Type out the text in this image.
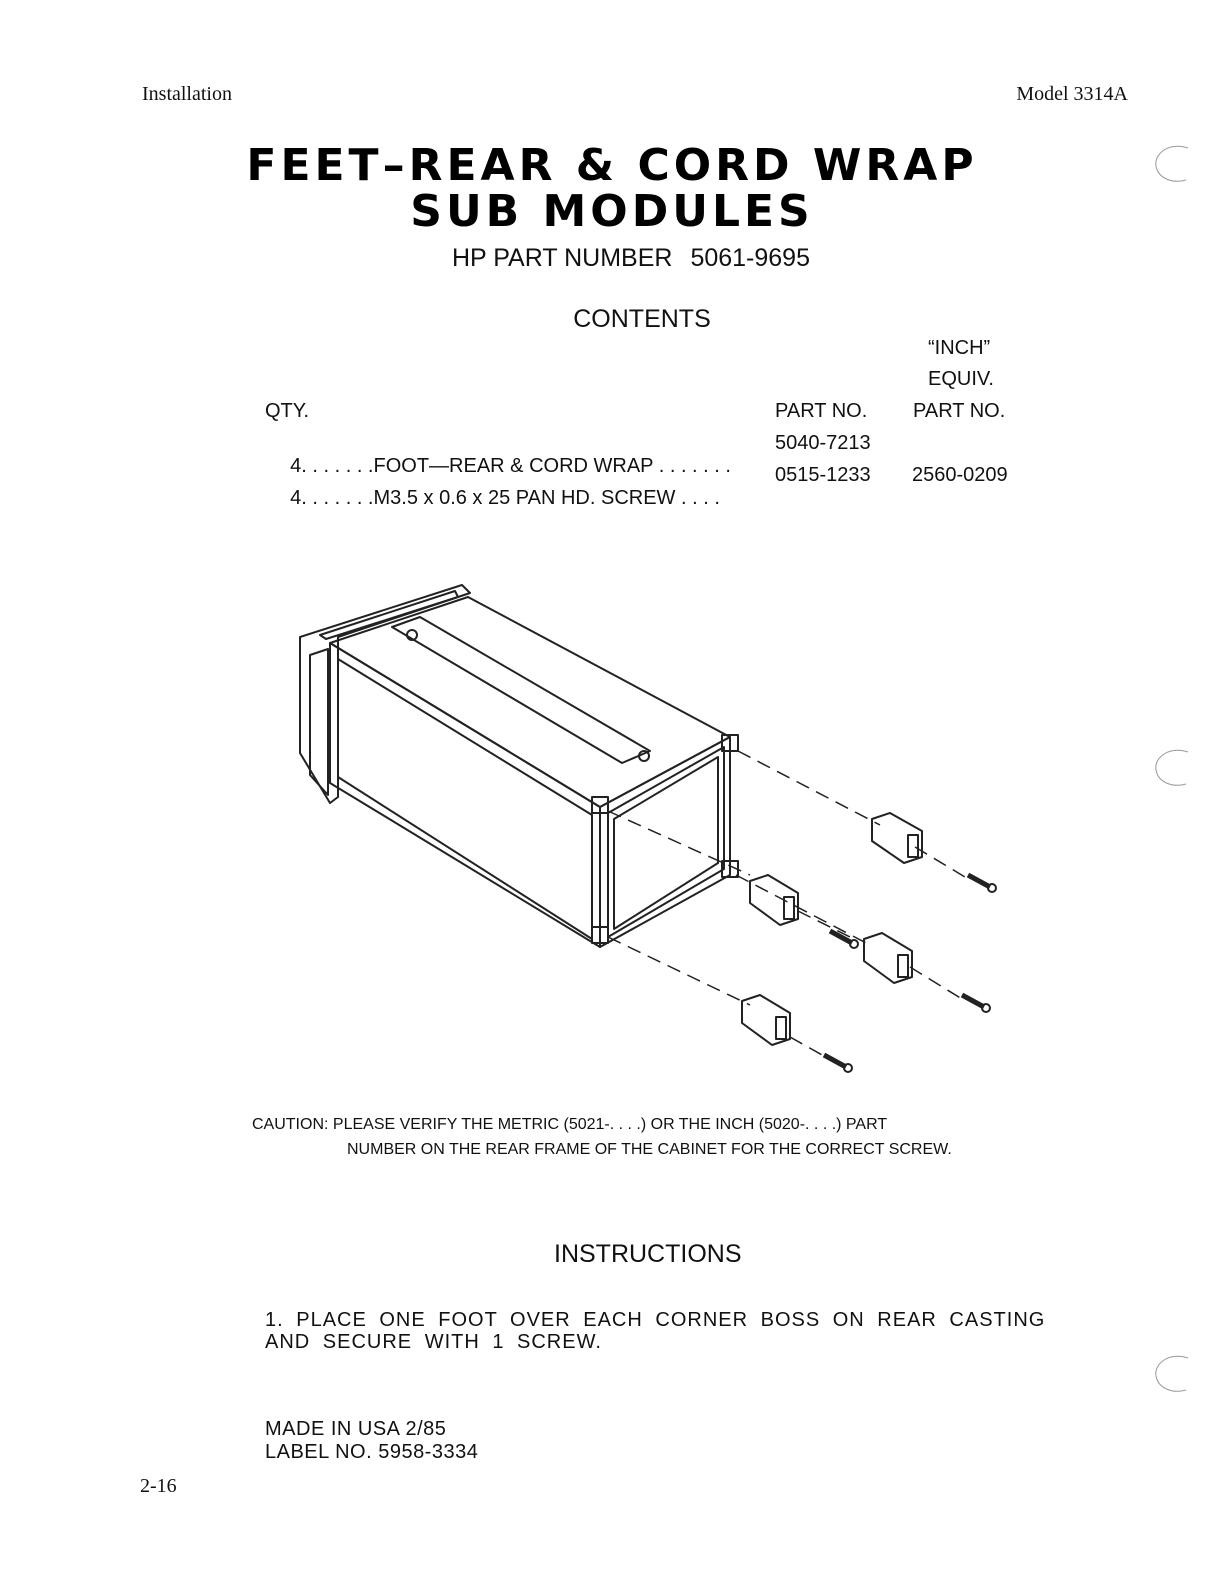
Installation	Model 3314A
FEET–REAR & CORD WRAP
SUB MODULES
HP PART NUMBER 5061-9695
CONTENTS
“INCH”
EQUIV.
QTY.	PART NO. PART NO.

4. . . . . . .FOOT—REAR & CORD WRAP . . . . . . .

5040-7213

4. . . . . . .M3.5 x 0.6 x 25 PAN HD. SCREW . . . .

0515-1233 2560-0209
CAUTION: PLEASE VERIFY THE METRIC (5021-. . . .) OR THE INCH (5020-. . . .) PART
NUMBER ON THE REAR FRAME OF THE CABINET FOR THE CORRECT SCREW.
INSTRUCTIONS
1. PLACE ONE FOOT OVER EACH CORNER BOSS ON REAR CASTING
AND SECURE WITH 1 SCREW.
MADE IN USA 2/85
LABEL NO. 5958-3334
2-16
